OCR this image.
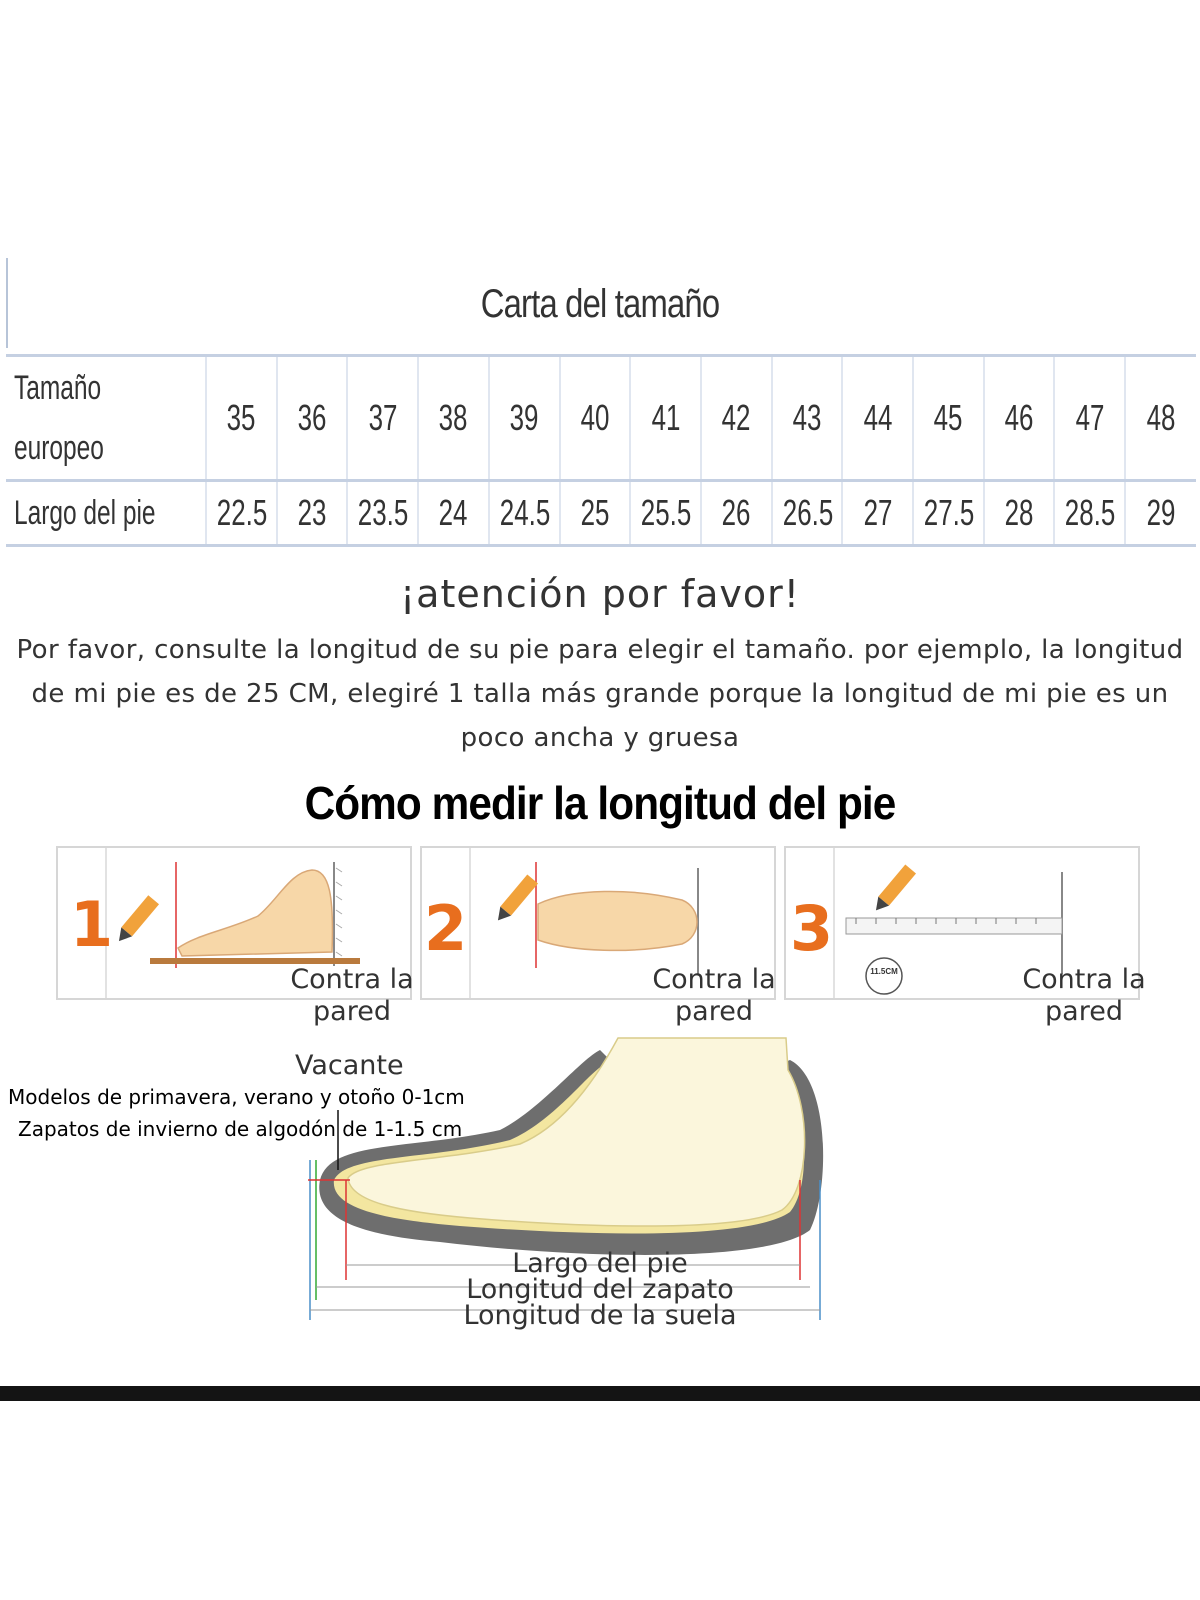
Carta del tamaño
Tamaño europeo	35	36	37	38	39	40	41	42	43	44	45	46	47	48
Largo del pie	22.5	23	23.5	24	24.5	25	25.5	26	26.5	27	27.5	28	28.5	29
¡atención por favor!
Por favor, consulte la longitud de su pie para elegir el tamaño. por ejemplo, la longitud de mi pie es de 25 CM, elegiré 1 talla más grande porque la longitud de mi pie es un poco ancha y gruesa
Cómo medir la longitud del pie
1
Contra la pared
2
Contra la pared
11.5CM
3
Contra la pared
Vacante
Modelos de primavera, verano y otoño 0-1cm
Zapatos de invierno de algodón de 1-1.5 cm
Largo del pie
Longitud del zapato
Longitud de la suela
